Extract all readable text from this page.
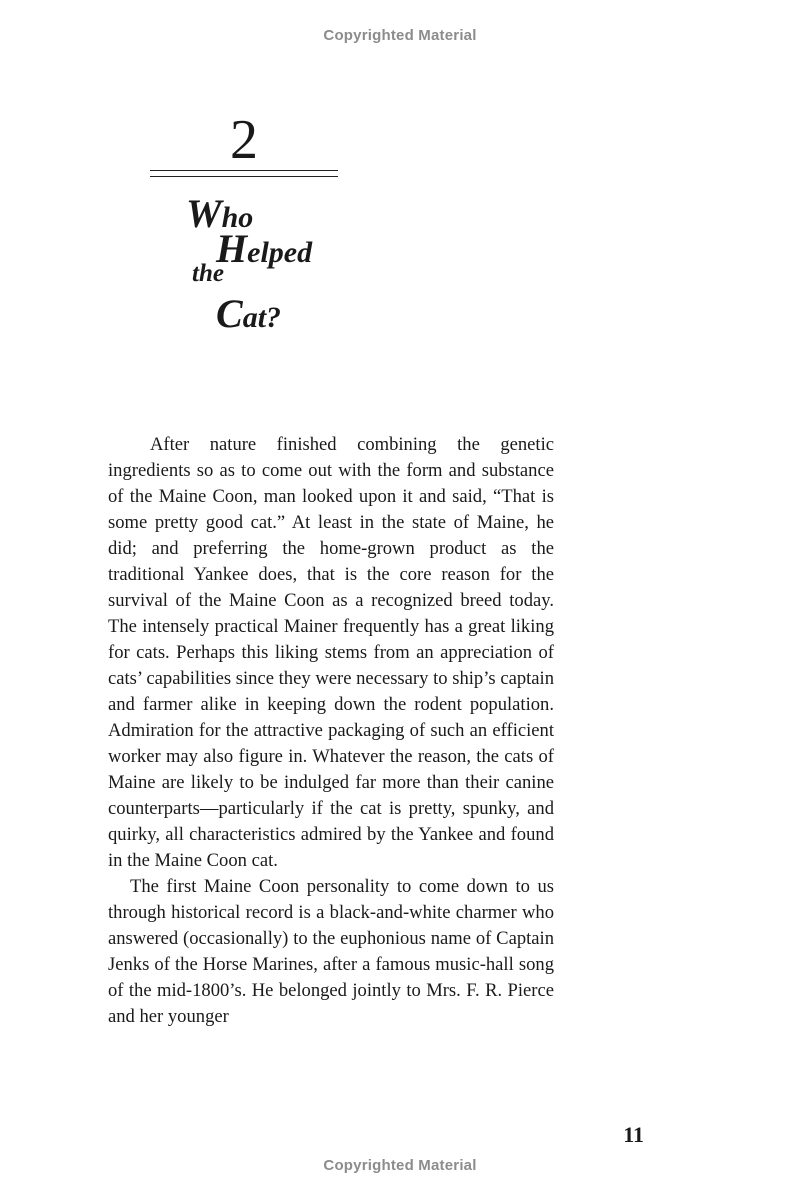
Copyrighted Material
2
Who
Helped
the
Cat?

After nature finished combining the genetic ingredients so as to come out with the form and substance of the Maine Coon, man looked upon it and said, “That is some pretty good cat.” At least in the state of Maine, he did; and preferring the home-grown product as the traditional Yankee does, that is the core reason for the survival of the Maine Coon as a recognized breed today. The intensely practical Mainer frequently has a great liking for cats. Perhaps this liking stems from an appreciation of cats’ capabilities since they were necessary to ship’s captain and farmer alike in keeping down the rodent population. Admiration for the attractive packaging of such an efficient worker may also figure in. Whatever the reason, the cats of Maine are likely to be indulged far more than their canine counterparts—particularly if the cat is pretty, spunky, and quirky, all characteristics admired by the Yankee and found in the Maine Coon cat.

The first Maine Coon personality to come down to us through historical record is a black-and-white charmer who answered (occasionally) to the euphonious name of Captain Jenks of the Horse Marines, after a famous music-hall song of the mid-1800’s. He belonged jointly to Mrs. F. R. Pierce and her younger

11
Copyrighted Material
